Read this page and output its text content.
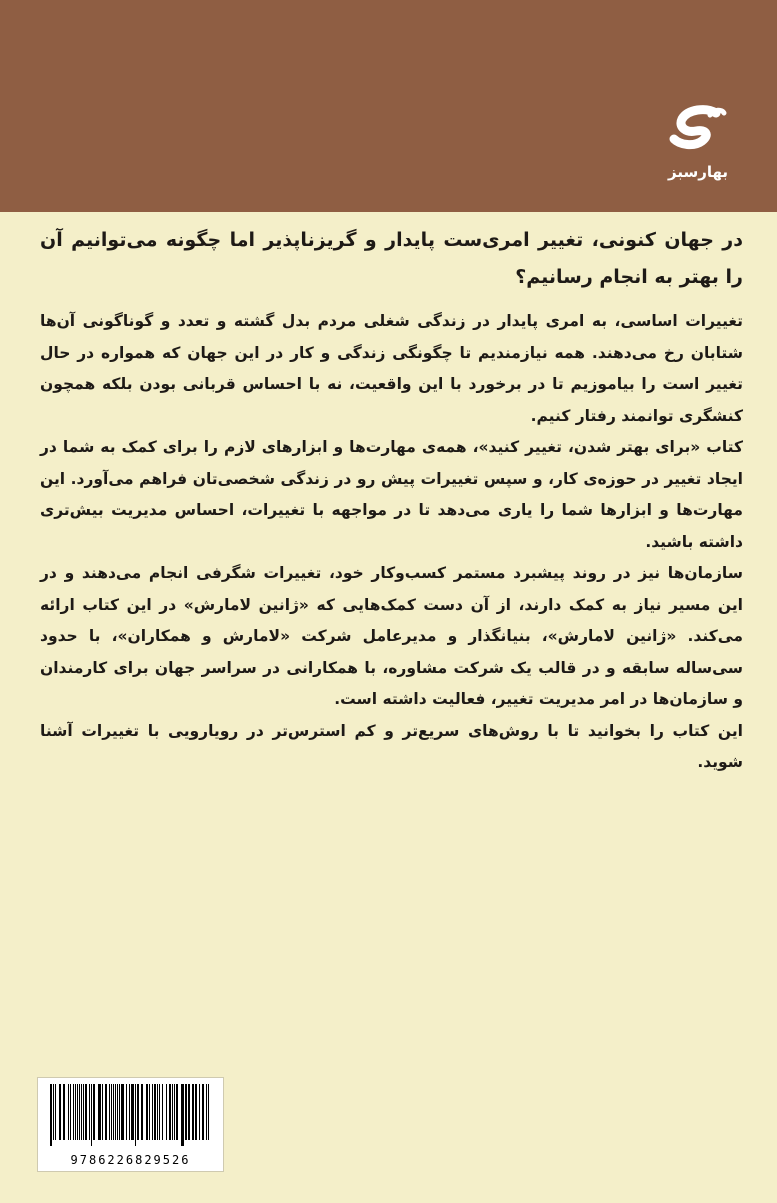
بهارسبز

در جهان کنونی، تغییر امری‌ست پایدار و گریزناپذیر اما چگونه می‌توانیم آن را بهتر به انجام رسانیم؟

تغییرات اساسی، به امری پایدار در زندگی شغلی مردم بدل گشته و تعدد و گوناگونی آن‌ها شتابان رخ می‌دهند. همه نیازمندیم تا چگونگی زندگی و کار در این جهان که همواره در حال تغییر است را بیاموزیم تا در برخورد با این واقعیت، نه با احساس قربانی بودن بلکه همچون کنشگری توانمند رفتار کنیم.

کتاب «برای بهتر شدن، تغییر کنید»، همه‌ی مهارت‌ها و ابزارهای لازم را برای کمک به شما در ایجاد تغییر در حوزه‌ی کار، و سپس تغییرات پیش رو در زندگی شخصی‌تان فراهم می‌آورد. این مهارت‌ها و ابزارها شما را یاری می‌دهد تا در مواجهه با تغییرات، احساس مدیریت بیش‌تری داشته باشید.

سازمان‌ها نیز در روند پیشبرد مستمر کسب‌وکار خود، تغییرات شگرفی انجام می‌دهند و در این مسیر نیاز به کمک دارند، از آن دست کمک‌هایی که «ژانین لامارش» در این کتاب ارائه می‌کند. «ژانین لامارش»، بنیانگذار و مدیرعامل شرکت «لامارش و همکاران»، با حدود سی‌ساله سابقه و در قالب یک شرکت مشاوره، با همکارانی در سراسر جهان برای کارمندان و سازمان‌ها در امر مدیریت تغییر، فعالیت داشته است.

این کتاب را بخوانید تا با روش‌های سریع‌تر و کم استرس‌تر در رویارویی با تغییرات آشنا شوید.

9786226829526
